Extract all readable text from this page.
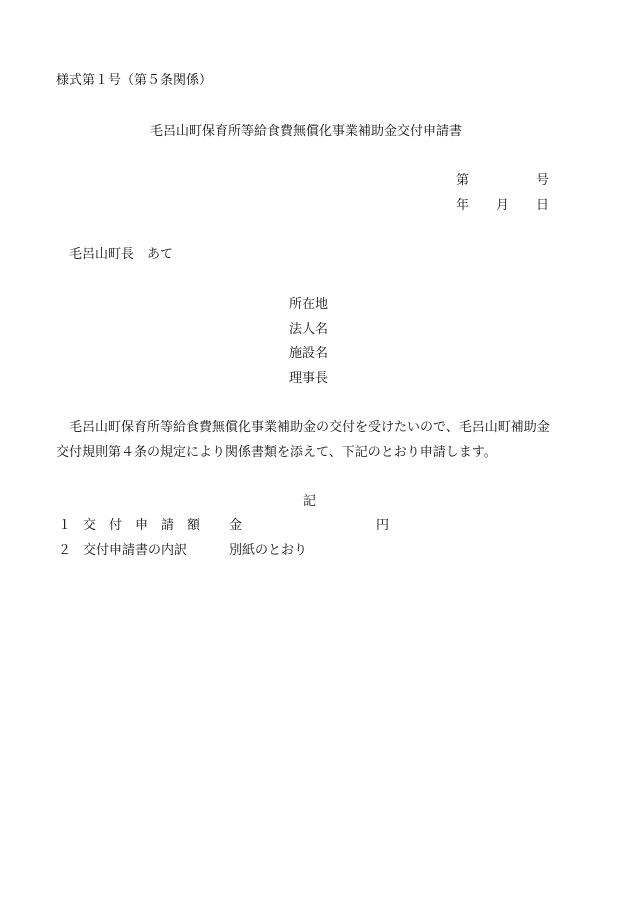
様式第１号（第５条関係）
毛呂山町保育所等給食費無償化事業補助金交付申請書
第	号
年 月 日
毛呂山町長　あて
所在地
法人名
施設名
理事長
毛呂山町保育所等給食費無償化事業補助金の交付を受けたいので、毛呂山町補助金
交付規則第４条の規定により関係書類を添えて、下記のとおり申請します。
記
１ 交　付　申　請　額 金	円
２ 交付申請書の内訳	別紙のとおり
